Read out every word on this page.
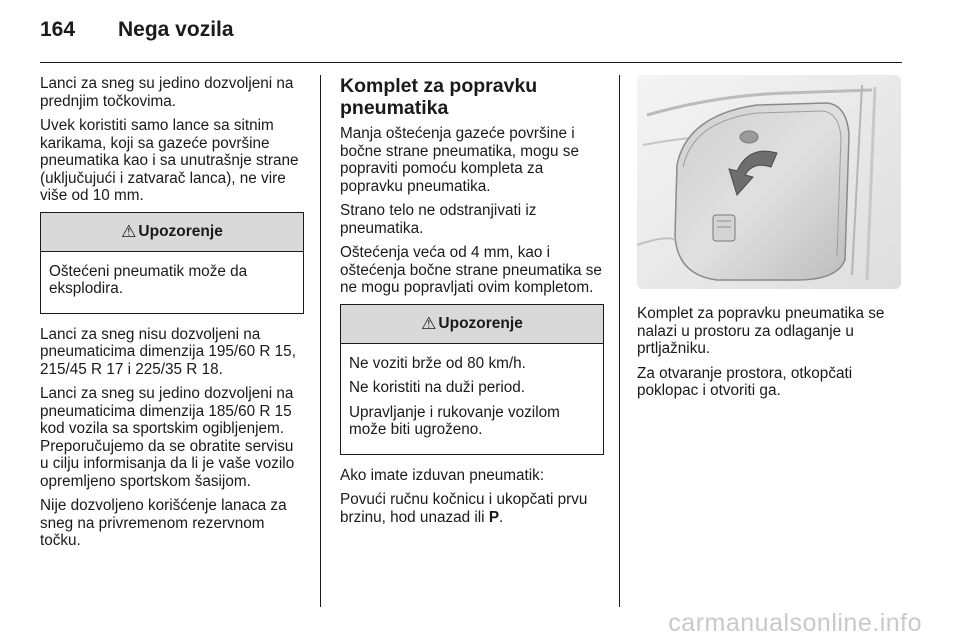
164 Nega vozila

Lanci za sneg su jedino dozvoljeni na prednjim točkovima.

Uvek koristiti samo lance sa sitnim karikama, koji sa gazeće površine pneumatika kao i sa unutrašnje strane (uključujući i zatvarač lanca), ne vire više od 10 mm.

⚠ Upozorenje

Oštećeni pneumatik može da eksplodira.

Lanci za sneg nisu dozvoljeni na pneumaticima dimenzija 195/60 R 15, 215/45 R 17 i 225/35 R 18.

Lanci za sneg su jedino dozvoljeni na pneumaticima dimenzija 185/60 R 15 kod vozila sa sportskim ogibljenjem. Preporučujemo da se obratite servisu u cilju informisanja da li je vaše vozilo opremljeno sportskom šasijom.

Nije dozvoljeno korišćenje lanaca za sneg na privremenom rezervnom točku.

Komplet za popravku pneumatika

Manja oštećenja gazeće površine i bočne strane pneumatika, mogu se popraviti pomoću kompleta za popravku pneumatika.

Strano telo ne odstranjivati iz pneumatika.

Oštećenja veća od 4 mm, kao i oštećenja bočne strane pneumatika se ne mogu popravljati ovim kompletom.

⚠ Upozorenje

Ne voziti brže od 80 km/h.

Ne koristiti na duži period.

Upravljanje i rukovanje vozilom može biti ugroženo.

Ako imate izduvan pneumatik:

Povući ručnu kočnicu i ukopčati prvu brzinu, hod unazad ili P.

Komplet za popravku pneumatika se nalazi u prostoru za odlaganje u prtljažniku.

Za otvaranje prostora, otkopčati poklopac i otvoriti ga.

carmanualsonline.info
